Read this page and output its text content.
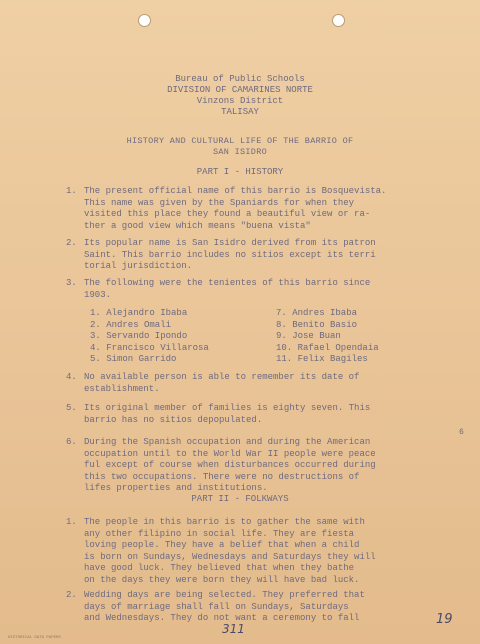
Bureau of Public Schools
DIVISION OF CAMARINES NORTE
Vinzons District
TALISAY
HISTORY AND CULTURAL LIFE OF THE BARRIO OF
SAN ISIDRO
PART I - HISTORY
1. The present official name of this barrio is Bosquevista.
This name was given by the Spaniards for when they
visited this place they found a beautiful view or ra-
ther a good view which means "buena vista"
2. Its popular name is San Isidro derived from its patron
Saint. This barrio includes no sitios except its terri
torial jurisdiction.
3. The following were the tenientes of this barrio since
1903.
1. Alejandro Ibaba
2. Andres Omali
3. Servando Ipondo
4. Francisco Villarosa
5. Simon Garrido
7. Andres Ibaba
8. Benito Basio
9. Jose Buan
10. Rafael Opendaia
11. Felix Bagiles
4. No available person is able to remember its date of
establishment.
5. Its original member of families is eighty seven. This
barrio has no sitios depopulated.
6
6. During the Spanish occupation and during the American
occupation until to the World War II people were peace
ful except of course when disturbances occurred during
this two occupations. There were no destructions of
lifes properties and institutions.
PART II - FOLKWAYS
1. The people in this barrio is to gather the same with
any other filipino in social life. They are fiesta
loving people. They have a belief that when a child
is born on Sundays, Wednesdays and Saturdays they will
have good luck. They believed that when they bathe
on the days they were born they will have bad luck.
2. Wedding days are being selected. They preferred that
days of marriage shall fall on Sundays, Saturdays
and Wednesdays. They do not want a ceremony to fall
311
19
HISTORICAL DATA PAPERS
